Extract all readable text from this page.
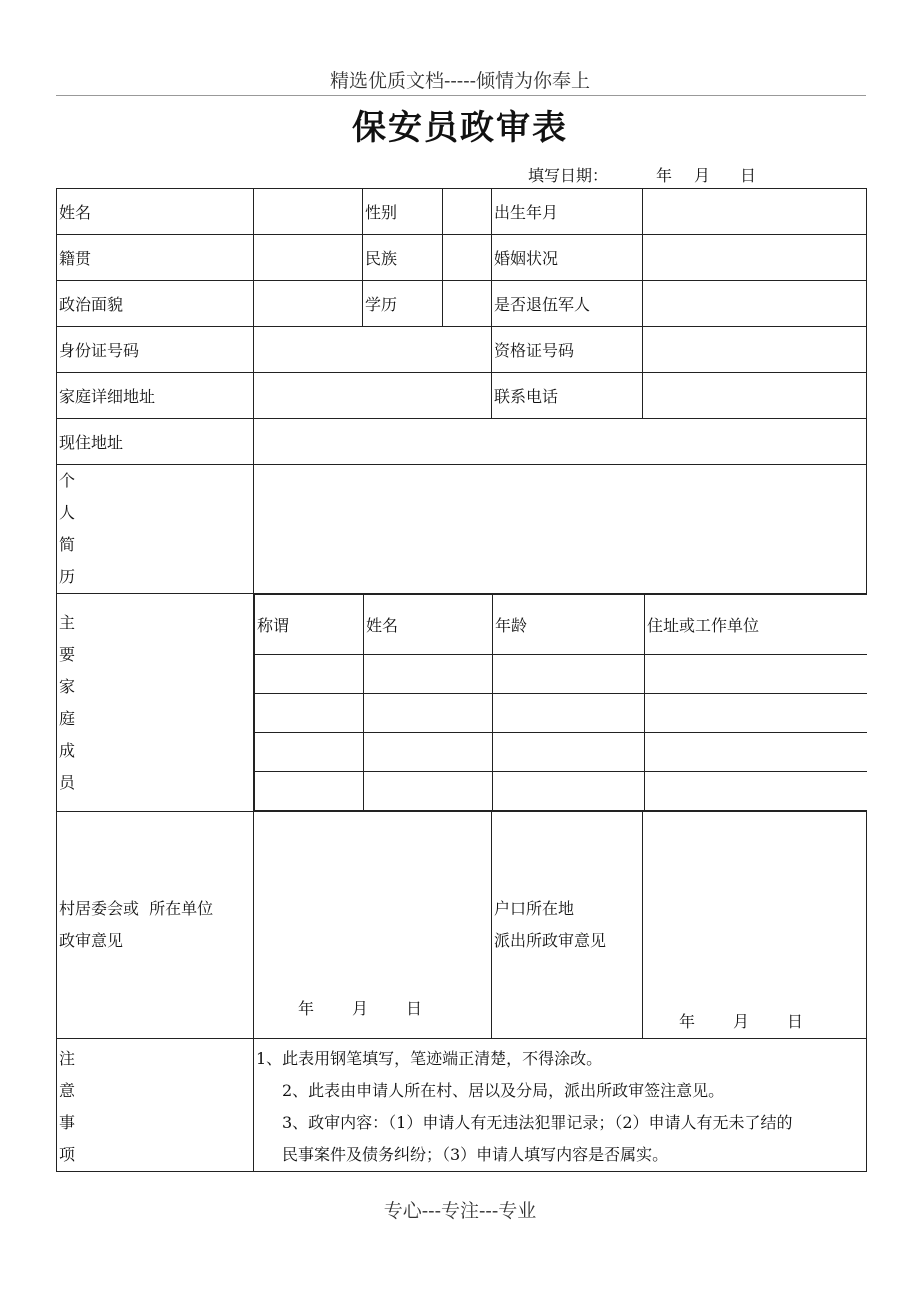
精选优质文档-----倾情为你奉上
保安员政审表
填写日期：	年 月 日
姓名		性别		出生年月	
籍贯		民族		婚姻状况	
政治面貌		学历		是否退伍军人	
身份证号码		资格证号码	
家庭详细地址		联系电话	
现住地址	

个
人
简
历

主
要
家
庭
成
员

称谓	姓名	年龄	住址或工作单位

村居委会或  所在单位
政审意见

年 月 日

户口所在地
派出所政审意见

年 月 日

注
意
事
项

1、此表用钢笔填写，笔迹端正清楚，不得涂改。
2、此表由申请人所在村、居以及分局，派出所政审签注意见。
3、政审内容：（1）申请人有无违法犯罪记录；（2）申请人有无未了结的
民事案件及债务纠纷；（3）申请人填写内容是否属实。
专心---专注---专业
